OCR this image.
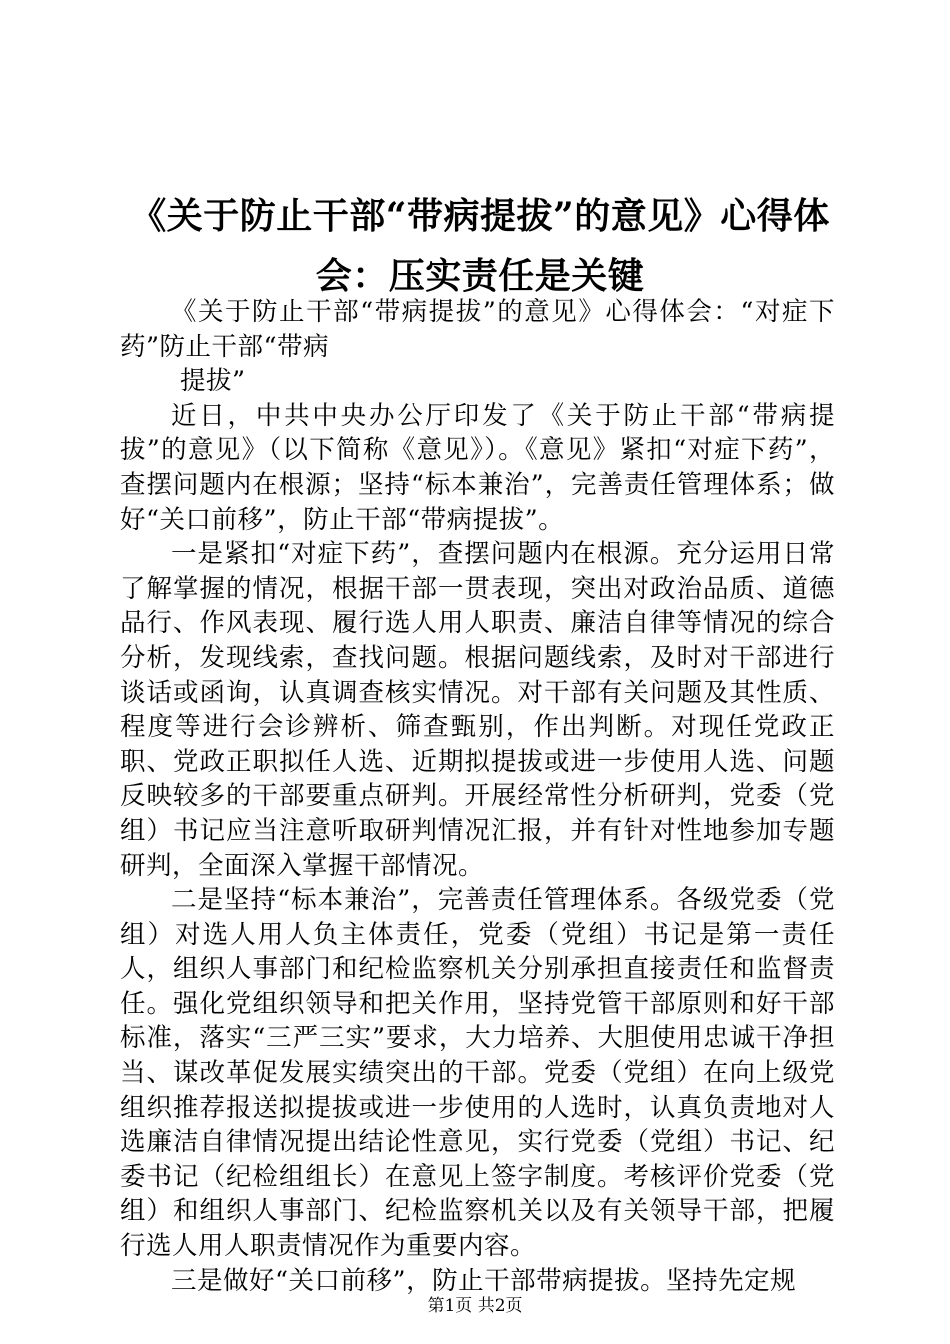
《关于防止干部“带病提拔”的意见》心得体会：压实责任是关键

《关于防止干部“带病提拔”的意见》心得体会：“对症下药”防止干部“带病

提拔”

近日，中共中央办公厅印发了《关于防止干部“带病提拔”的意见》（以下简称《意见》）。《意见》紧扣“对症下药”，查摆问题内在根源；坚持“标本兼治”，完善责任管理体系；做好“关口前移”，防止干部“带病提拔”。

一是紧扣“对症下药”，查摆问题内在根源。充分运用日常了解掌握的情况，根据干部一贯表现，突出对政治品质、道德品行、作风表现、履行选人用人职责、廉洁自律等情况的综合分析，发现线索，查找问题。根据问题线索，及时对干部进行谈话或函询，认真调查核实情况。对干部有关问题及其性质、程度等进行会诊辨析、筛查甄别，作出判断。对现任党政正职、党政正职拟任人选、近期拟提拔或进一步使用人选、问题反映较多的干部要重点研判。开展经常性分析研判，党委（党组）书记应当注意听取研判情况汇报，并有针对性地参加专题研判，全面深入掌握干部情况。

二是坚持“标本兼治”，完善责任管理体系。各级党委（党组）对选人用人负主体责任，党委（党组）书记是第一责任人，组织人事部门和纪检监察机关分别承担直接责任和监督责任。强化党组织领导和把关作用，坚持党管干部原则和好干部标准，落实“三严三实”要求，大力培养、大胆使用忠诚干净担当、谋改革促发展实绩突出的干部。党委（党组）在向上级党组织推荐报送拟提拔或进一步使用的人选时，认真负责地对人选廉洁自律情况提出结论性意见，实行党委（党组）书记、纪委书记（纪检组组长）在意见上签字制度。考核评价党委（党组）和组织人事部门、纪检监察机关以及有关领导干部，把履行选人用人职责情况作为重要内容。

三是做好“关口前移”，防止干部带病提拔。坚持先定规

第1页 共2页
